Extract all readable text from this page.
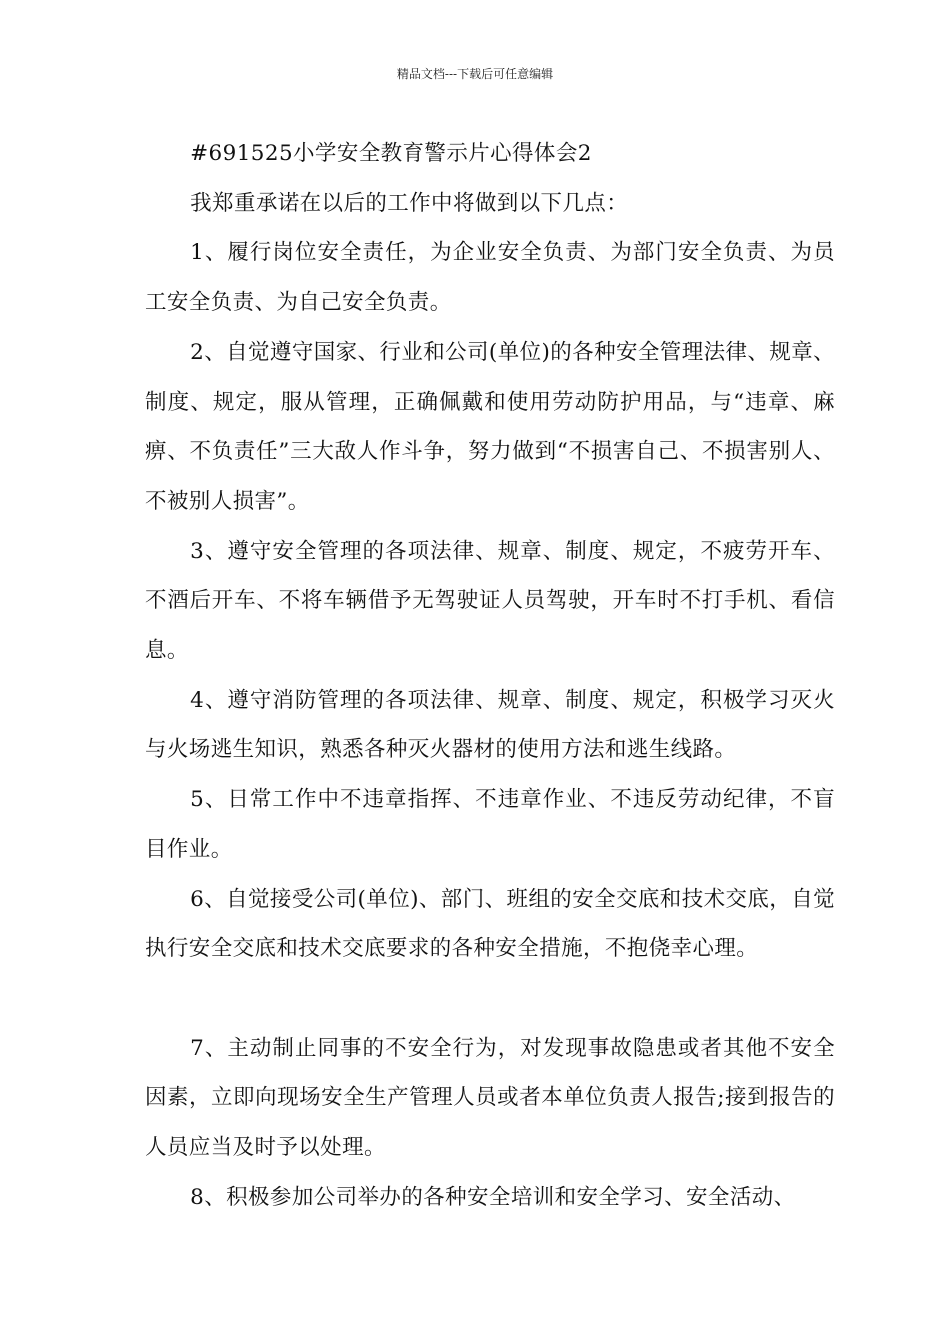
精品文档---下载后可任意编辑

#691525小学安全教育警示片心得体会2

我郑重承诺在以后的工作中将做到以下几点：

1、履行岗位安全责任，为企业安全负责、为部门安全负责、为员工安全负责、为自己安全负责。

2、自觉遵守国家、行业和公司(单位)的各种安全管理法律、规章、制度、规定，服从管理，正确佩戴和使用劳动防护用品，与“违章、麻痹、不负责任”三大敌人作斗争，努力做到“不损害自己、不损害别人、不被别人损害”。

3、遵守安全管理的各项法律、规章、制度、规定，不疲劳开车、不酒后开车、不将车辆借予无驾驶证人员驾驶，开车时不打手机、看信息。

4、遵守消防管理的各项法律、规章、制度、规定，积极学习灭火与火场逃生知识，熟悉各种灭火器材的使用方法和逃生线路。

5、日常工作中不违章指挥、不违章作业、不违反劳动纪律，不盲目作业。

6、自觉接受公司(单位)、部门、班组的安全交底和技术交底，自觉执行安全交底和技术交底要求的各种安全措施，不抱侥幸心理。

7、主动制止同事的不安全行为，对发现事故隐患或者其他不安全因素，立即向现场安全生产管理人员或者本单位负责人报告;接到报告的人员应当及时予以处理。

8、积极参加公司举办的各种安全培训和安全学习、安全活动、
